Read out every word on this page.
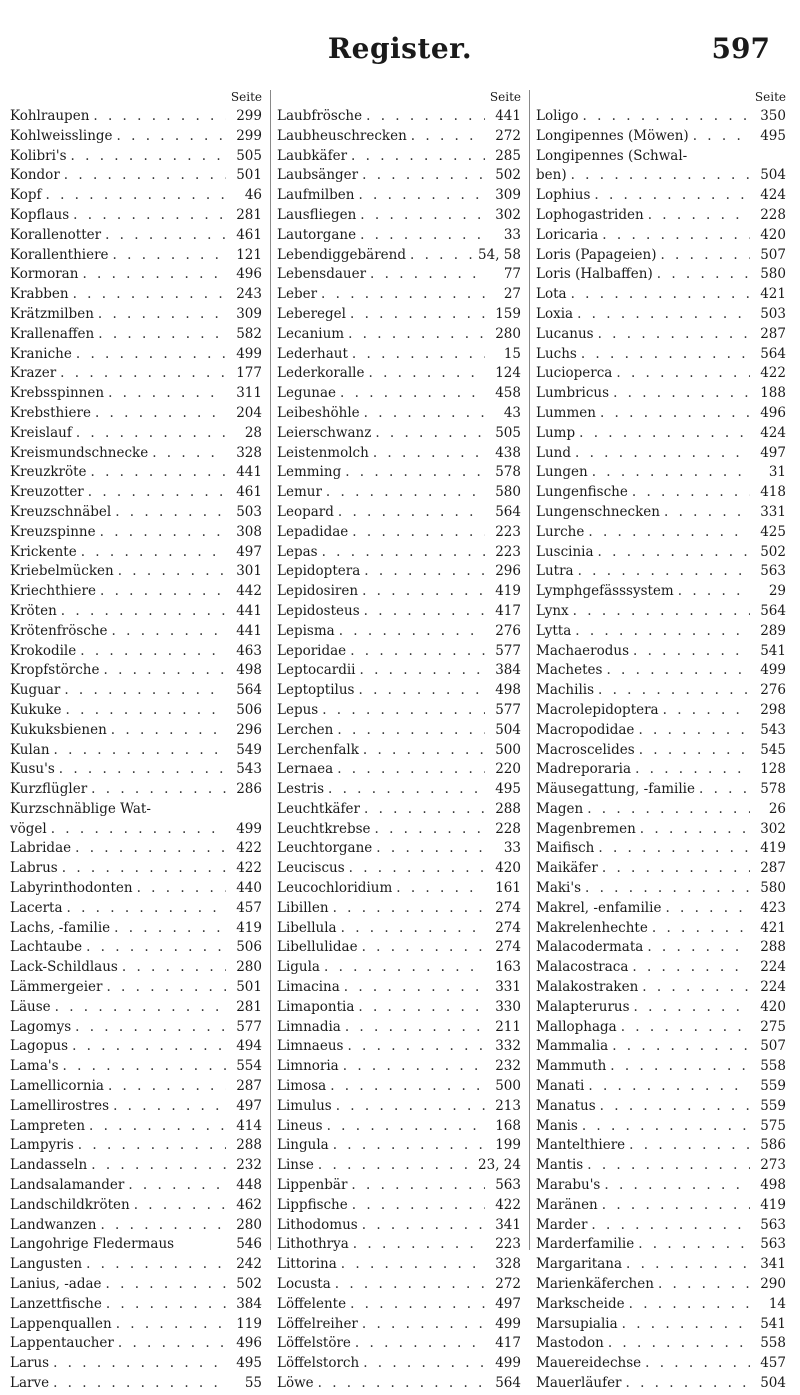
Register.	597
Seite
Kohlraupen . . .	299
Kohlweisslinge . . .	299
Kolibri's . . .	505
Kondor . . .	501
Kopf . . .	46
Kopflaus . . .	281
Korallenotter . . .	461
Korallenthiere . . .	121
Kormoran . . .	496
Krabben . . .	243
Krätzmilben . . .	309
Krallenaffen . . .	582
Kraniche . . .	499
Krazer . . .	177
Krebsspinnen . . .	311
Krebsthiere . . .	204
Kreislauf . . .	28
Kreismundschnecke . . .	328
Kreuzkröte . . .	441
Kreuzotter . . .	461
Kreuzschnäbel . . .	503
Kreuzspinne . . .	308
Krickente . . .	497
Kriebelmücken . . .	301
Kriechthiere . . .	442
Kröten . . .	441
Krötenfrösche . . .	441
Krokodile . . .	463
Kropfstörche . . .	498
Kuguar . . .	564
Kukuke . . .	506
Kukuksbienen . . .	296
Kulan . . .	549
Kusu's . . .	543
Kurzflügler . . .	286
Kurzschnäblige Wat-
vögel . . .	499
Labridae . . .	422
Labrus . . .	422
Labyrinthodonten . . .	440
Lacerta . . .	457
Lachs, -familie . . .	419
Lachtaube . . .	506
Lack-Schildlaus . . .	280
Lämmergeier . . .	501
Läuse . . .	281
Lagomys . . .	577
Lagopus . . .	494
Lama's . . .	554
Lamellicornia . . .	287
Lamellirostres . . .	497
Lampreten . . .	414
Lampyris . . .	288
Landasseln . . .	232
Landsalamander . . .	448
Landschildkröten . . .	462
Landwanzen . . .	280
Langohrige Fledermaus	546
Langusten . . .	242
Lanius, -adae . . .	502
Lanzettfische . . .	384
Lappenquallen . . .	119
Lappentaucher . . .	496
Larus . . .	495
Larve . . .	55
Seite
Laubfrösche . . .	441
Laubheuschrecken . . .	272
Laubkäfer . . .	285
Laubsänger . . .	502
Laufmilben . . .	309
Lausfliegen . . .	302
Lautorgane . . .	33
Lebendiggebärend . . .	54, 58
Lebensdauer . . .	77
Leber . . .	27
Leberegel . . .	159
Lecanium . . .	280
Lederhaut . . .	15
Lederkoralle . . .	124
Legunae . . .	458
Leibeshöhle . . .	43
Leierschwanz . . .	505
Leistenmolch . . .	438
Lemming . . .	578
Lemur . . .	580
Leopard . . .	564
Lepadidae . . .	223
Lepas . . .	223
Lepidoptera . . .	296
Lepidosiren . . .	419
Lepidosteus . . .	417
Lepisma . . .	276
Leporidae . . .	577
Leptocardii . . .	384
Leptoptilus . . .	498
Lepus . . .	577
Lerchen . . .	504
Lerchenfalk . . .	500
Lernaea . . .	220
Lestris . . .	495
Leuchtkäfer . . .	288
Leuchtkrebse . . .	228
Leuchtorgane . . .	33
Leuciscus . . .	420
Leucochloridium . . .	161
Libillen . . .	274
Libellula . . .	274
Libellulidae . . .	274
Ligula . . .	163
Limacina . . .	331
Limapontia . . .	330
Limnadia . . .	211
Limnaeus . . .	332
Limnoria . . .	232
Limosa . . .	500
Limulus . . .	213
Lineus . . .	168
Lingula . . .	199
Linse . . .	23, 24
Lippenbär . . .	563
Lippfische . . .	422
Lithodomus . . .	341
Lithothrya . . .	223
Littorina . . .	328
Locusta . . .	272
Löffelente . . .	497
Löffelreiher . . .	499
Löffelstöre . . .	417
Löffelstorch . . .	499
Löwe . . .	564
Seite
Loligo . . .	350
Longipennes (Möwen) . . .	495
Longipennes (Schwal-
ben) . . .	504
Lophius . . .	424
Lophogastriden . . .	228
Loricaria . . .	420
Loris (Papageien) . . .	507
Loris (Halbaffen) . . .	580
Lota . . .	421
Loxia . . .	503
Lucanus . . .	287
Luchs . . .	564
Lucioperca . . .	422
Lumbricus . . .	188
Lummen . . .	496
Lump . . .	424
Lund . . .	497
Lungen . . .	31
Lungenfische . . .	418
Lungenschnecken . . .	331
Lurche . . .	425
Luscinia . . .	502
Lutra . . .	563
Lymphgefässsystem . . .	29
Lynx . . .	564
Lytta . . .	289
Machaerodus . . .	541
Machetes . . .	499
Machilis . . .	276
Macrolepidoptera . . .	298
Macropodidae . . .	543
Macroscelides . . .	545
Madreporaria . . .	128
Mäusegattung, -familie . . .	578
Magen . . .	26
Magenbremen . . .	302
Maifisch . . .	419
Maikäfer . . .	287
Maki's . . .	580
Makrel, -enfamilie . . .	423
Makrelenhechte . . .	421
Malacodermata . . .	288
Malacostraca . . .	224
Malakostraken . . .	224
Malapterurus . . .	420
Mallophaga . . .	275
Mammalia . . .	507
Mammuth . . .	558
Manati . . .	559
Manatus . . .	559
Manis . . .	575
Mantelthiere . . .	586
Mantis . . .	273
Marabu's . . .	498
Maränen . . .	419
Marder . . .	563
Marderfamilie . . .	563
Margaritana . . .	341
Marienkäferchen . . .	290
Markscheide . . .	14
Marsupialia . . .	541
Mastodon . . .	558
Mauereidechse . . .	457
Mauerläufer . . .	504
